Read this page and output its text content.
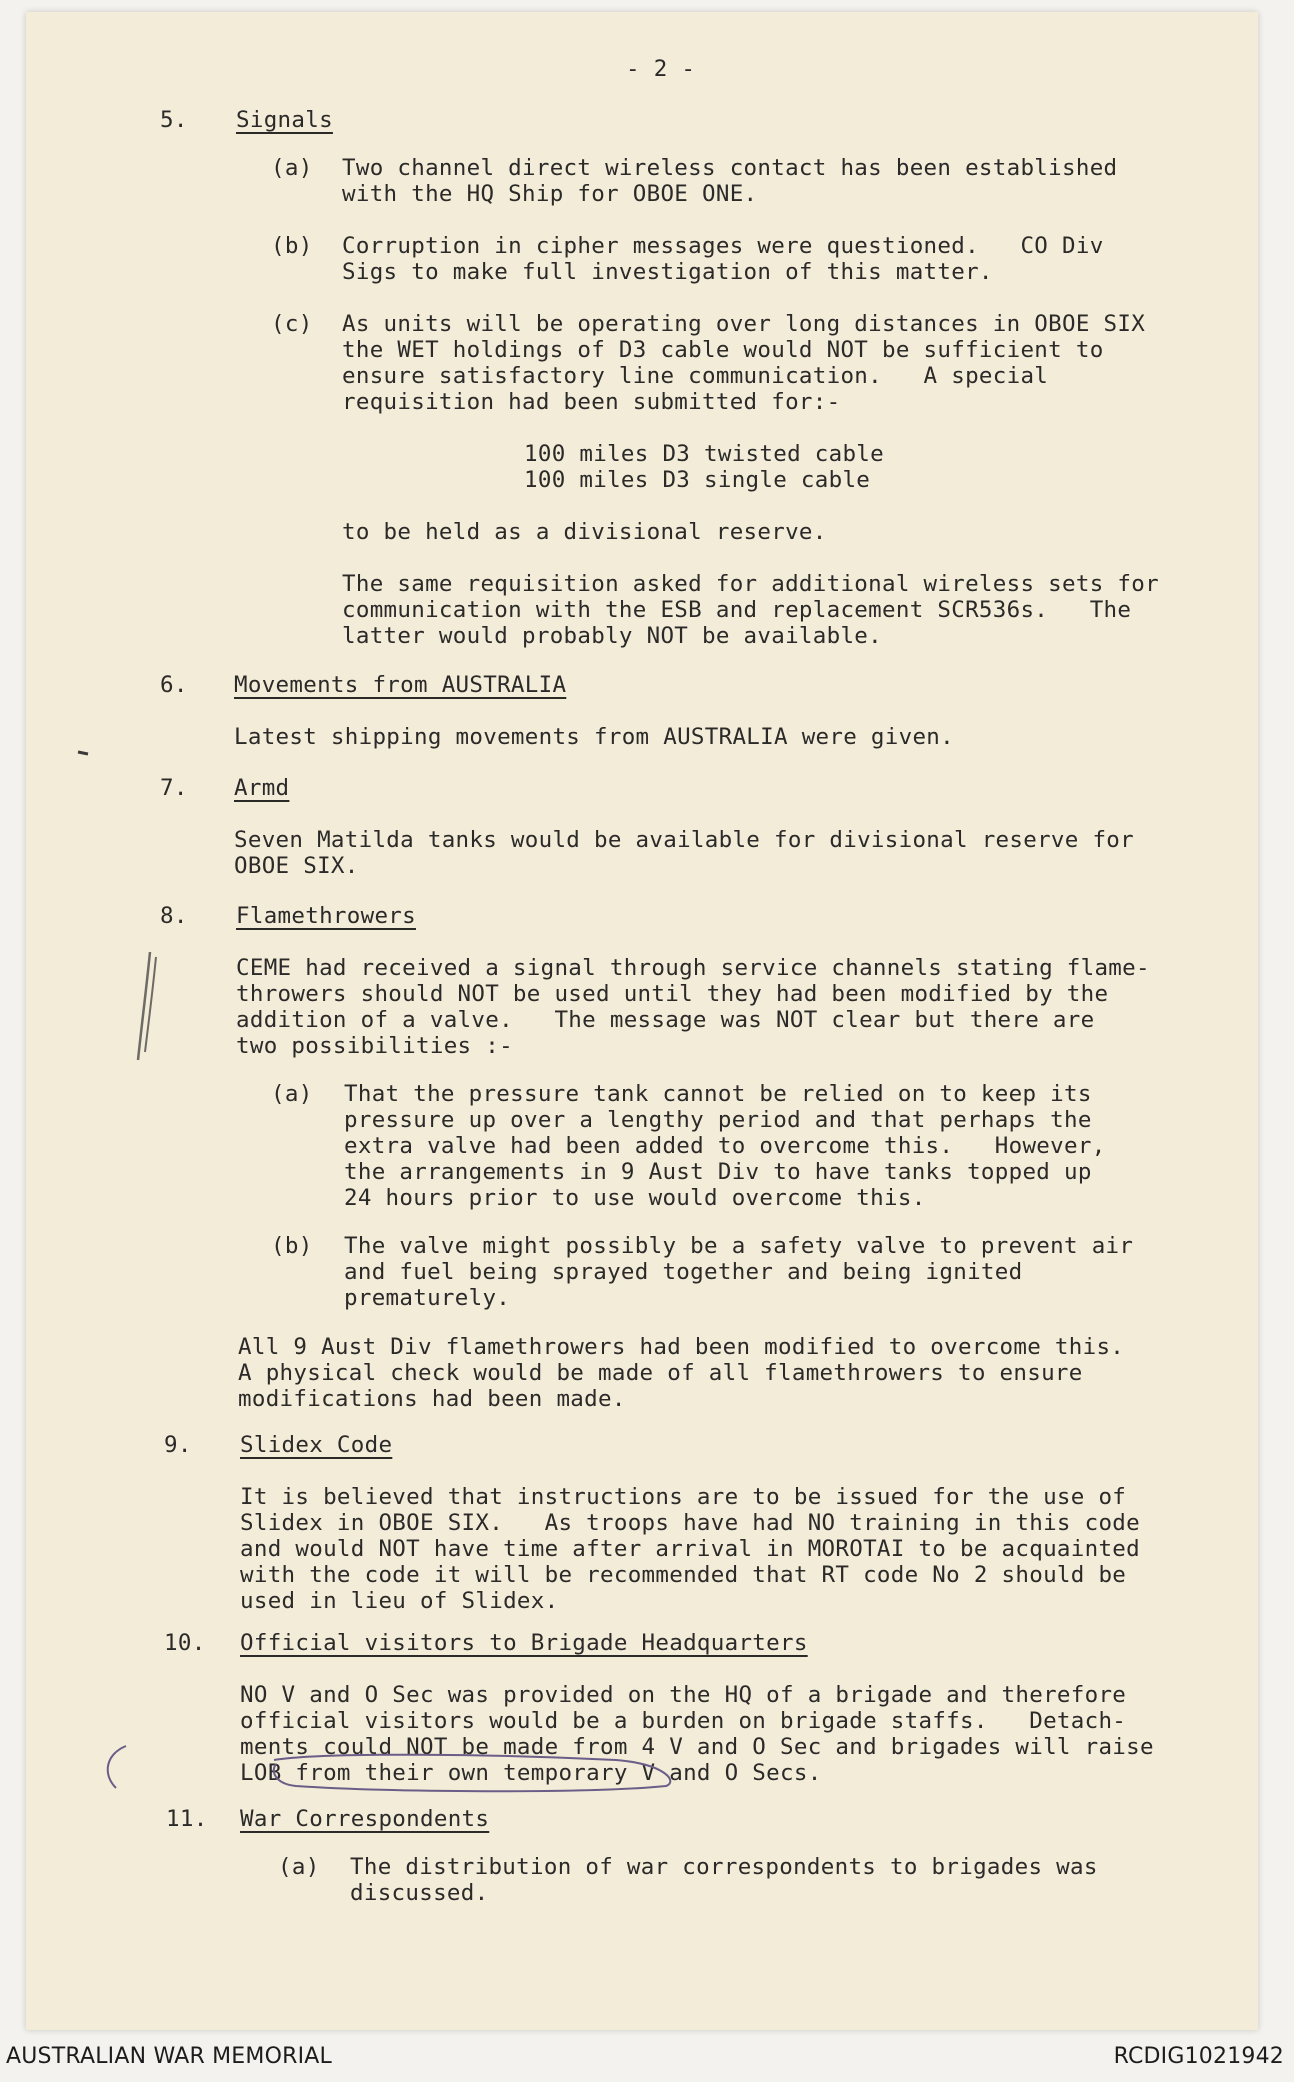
- 2 -
5.	Signals
(a) Two channel direct wireless contact has been established
with the HQ Ship for OBOE ONE.
(b) Corruption in cipher messages were questioned.   CO Div
Sigs to make full investigation of this matter.
(c) As units will be operating over long distances in OBOE SIX
the WET holdings of D3 cable would NOT be sufficient to
ensure satisfactory line communication.   A special
requisition had been submitted for:-
100 miles D3 twisted cable
100 miles D3 single cable
to be held as a divisional reserve.
The same requisition asked for additional wireless sets for
communication with the ESB and replacement SCR536s.   The
latter would probably NOT be available.
6.	Movements from AUSTRALIA
Latest shipping movements from AUSTRALIA were given.
7.	Armd
Seven Matilda tanks would be available for divisional reserve for
OBOE SIX.
8.	Flamethrowers
CEME had received a signal through service channels stating flame-
throwers should NOT be used until they had been modified by the
addition of a valve.   The message was NOT clear but there are
two possibilities :-
(a) That the pressure tank cannot be relied on to keep its
pressure up over a lengthy period and that perhaps the
extra valve had been added to overcome this.   However,
the arrangements in 9 Aust Div to have tanks topped up
24 hours prior to use would overcome this.
(b) The valve might possibly be a safety valve to prevent air
and fuel being sprayed together and being ignited
prematurely.
All 9 Aust Div flamethrowers had been modified to overcome this.
A physical check would be made of all flamethrowers to ensure
modifications had been made.
9.	Slidex Code
It is believed that instructions are to be issued for the use of
Slidex in OBOE SIX.   As troops have had NO training in this code
and would NOT have time after arrival in MOROTAI to be acquainted
with the code it will be recommended that RT code No 2 should be
used in lieu of Slidex.
10. Official visitors to Brigade Headquarters
NO V and O Sec was provided on the HQ of a brigade and therefore
official visitors would be a burden on brigade staffs.   Detach-
ments could NOT be made from 4 V and O Sec and brigades will raise
LOB from their own temporary V and O Secs.
11. War Correspondents
(a) The distribution of war correspondents to brigades was
discussed.
AUSTRALIAN WAR MEMORIAL	RCDIG1021942
